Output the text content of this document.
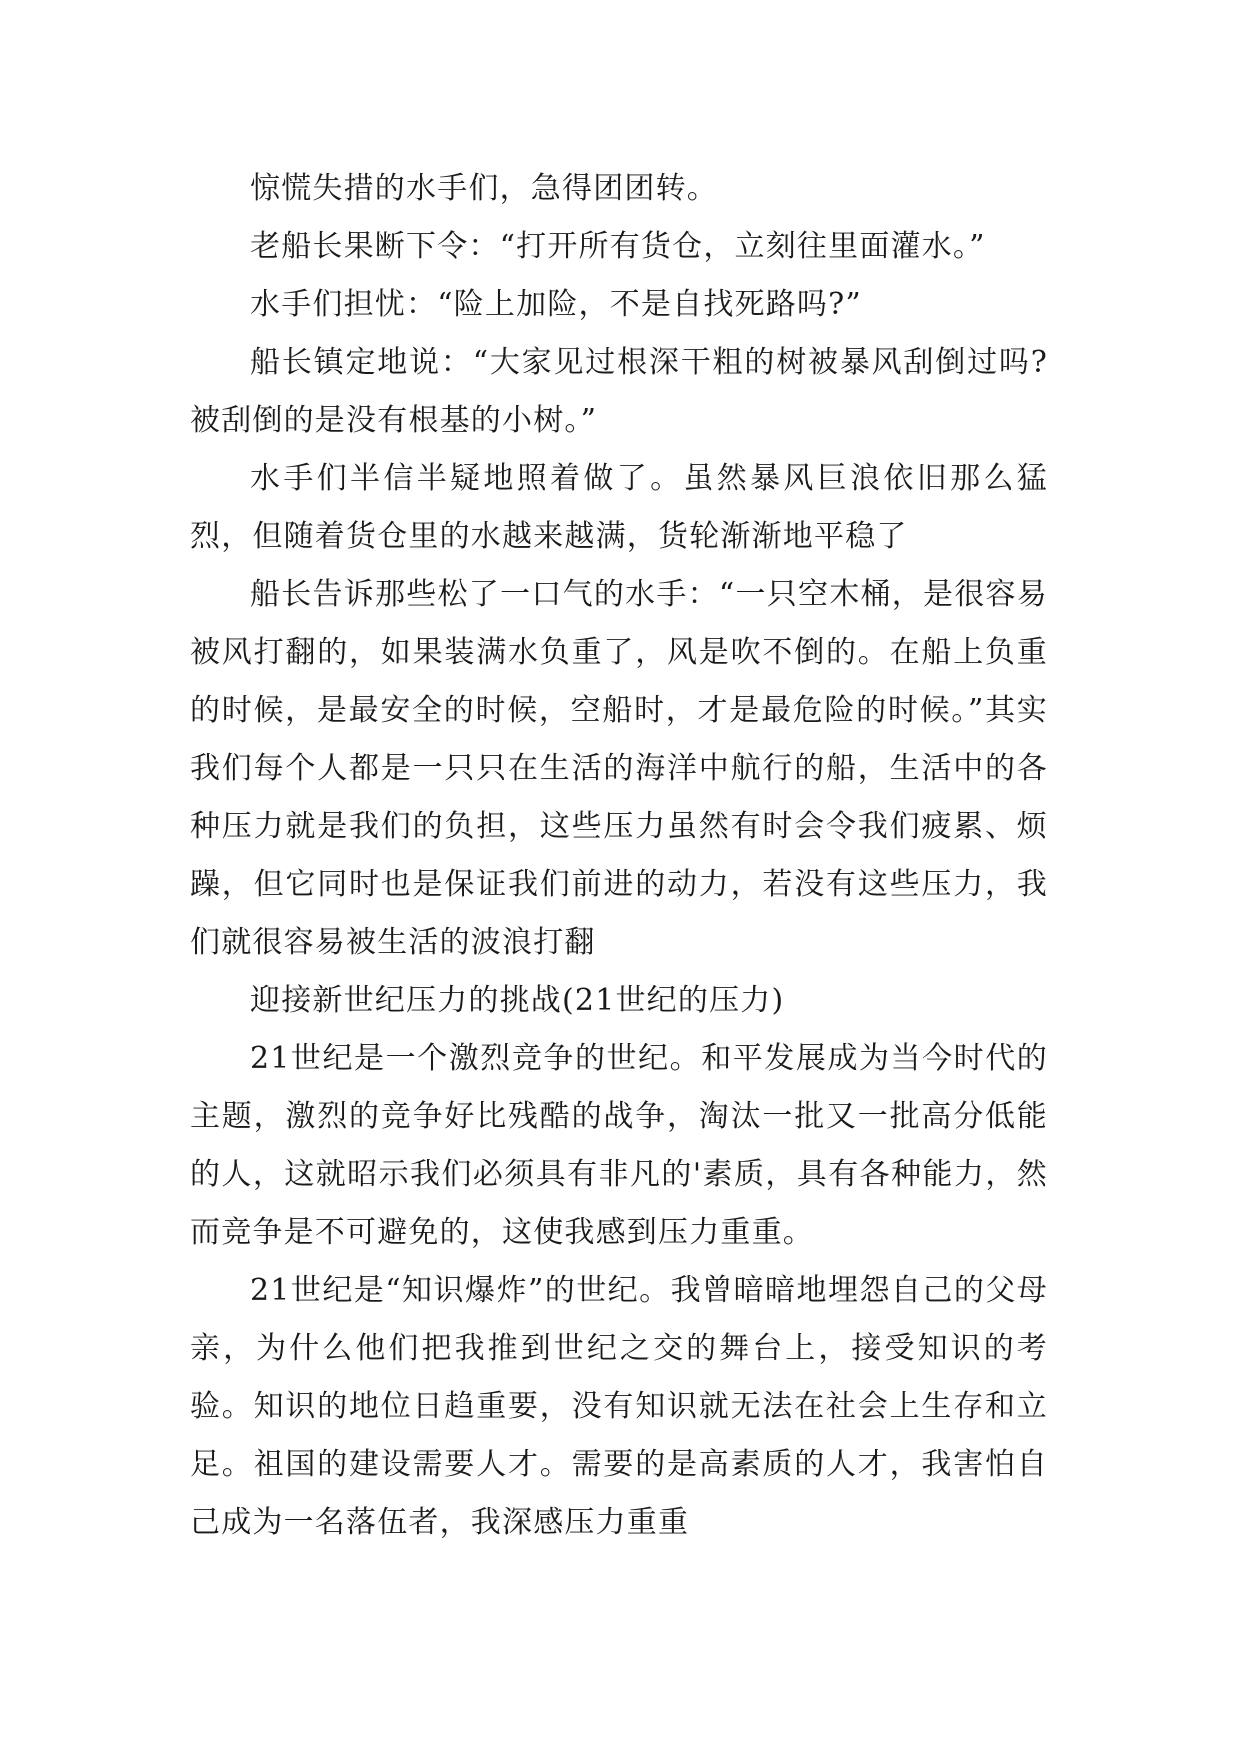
惊慌失措的水手们，急得团团转。

老船长果断下令：“打开所有货仓，立刻往里面灌水。”

水手们担忧：“险上加险，不是自找死路吗?”

船长镇定地说：“大家见过根深干粗的树被暴风刮倒过吗?被刮倒的是没有根基的小树。”

水手们半信半疑地照着做了。虽然暴风巨浪依旧那么猛烈，但随着货仓里的水越来越满，货轮渐渐地平稳了

船长告诉那些松了一口气的水手：“一只空木桶，是很容易被风打翻的，如果装满水负重了，风是吹不倒的。在船上负重的时候，是最安全的时候，空船时，才是最危险的时候。”其实我们每个人都是一只只在生活的海洋中航行的船，生活中的各种压力就是我们的负担，这些压力虽然有时会令我们疲累、烦躁，但它同时也是保证我们前进的动力，若没有这些压力，我们就很容易被生活的波浪打翻

迎接新世纪压力的挑战(21世纪的压力)

21世纪是一个激烈竞争的世纪。和平发展成为当今时代的主题，激烈的竞争好比残酷的战争，淘汰一批又一批高分低能的人，这就昭示我们必须具有非凡的'素质，具有各种能力，然而竞争是不可避免的，这使我感到压力重重。

21世纪是“知识爆炸”的世纪。我曾暗暗地埋怨自己的父母亲，为什么他们把我推到世纪之交的舞台上，接受知识的考验。知识的地位日趋重要，没有知识就无法在社会上生存和立足。祖国的建设需要人才。需要的是高素质的人才，我害怕自己成为一名落伍者，我深感压力重重
